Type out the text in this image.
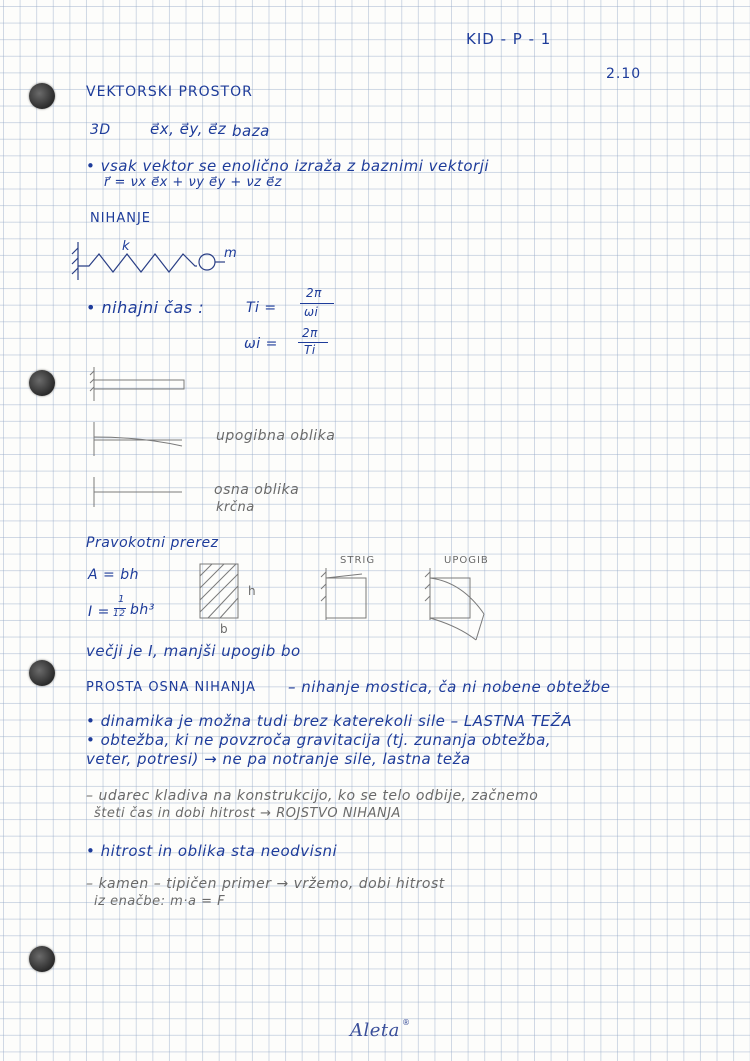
KID - P - 1
2.10
VEKTORSKI PROSTOR
3D	e⃗x, e⃗y, e⃗z baza
• vsak vektor se enolično izraža z baznimi vektorji
r⃗ = νx e⃗x + νy e⃗y + νz e⃗z
NIHANJE
k	m
• nihajni čas :	Ti =
2π
ωi
ωi =
2π
Ti
upogibna oblika
osna oblika
krčna
Pravokotni prerez
A = bh
I =
1
12 bh³
h
b
STRIG	UPOGIB
večji je I, manjši upogib bo
PROSTA OSNA NIHANJA – nihanje mostica, ča ni nobene obtežbe
• dinamika je možna tudi brez katerekoli sile – LASTNA TEŽA
• obtežba, ki ne povzroča gravitacija (tj. zunanja obtežba,
veter, potresi) → ne pa notranje sile, lastna teža
– udarec kladiva na konstrukcijo, ko se telo odbije, začnemo
šteti čas in dobi hitrost → ROJSTVO NIHANJA
• hitrost in oblika sta neodvisni
– kamen – tipičen primer → vržemo, dobi hitrost
iz enačbe: m·a = F
Aleta ®
